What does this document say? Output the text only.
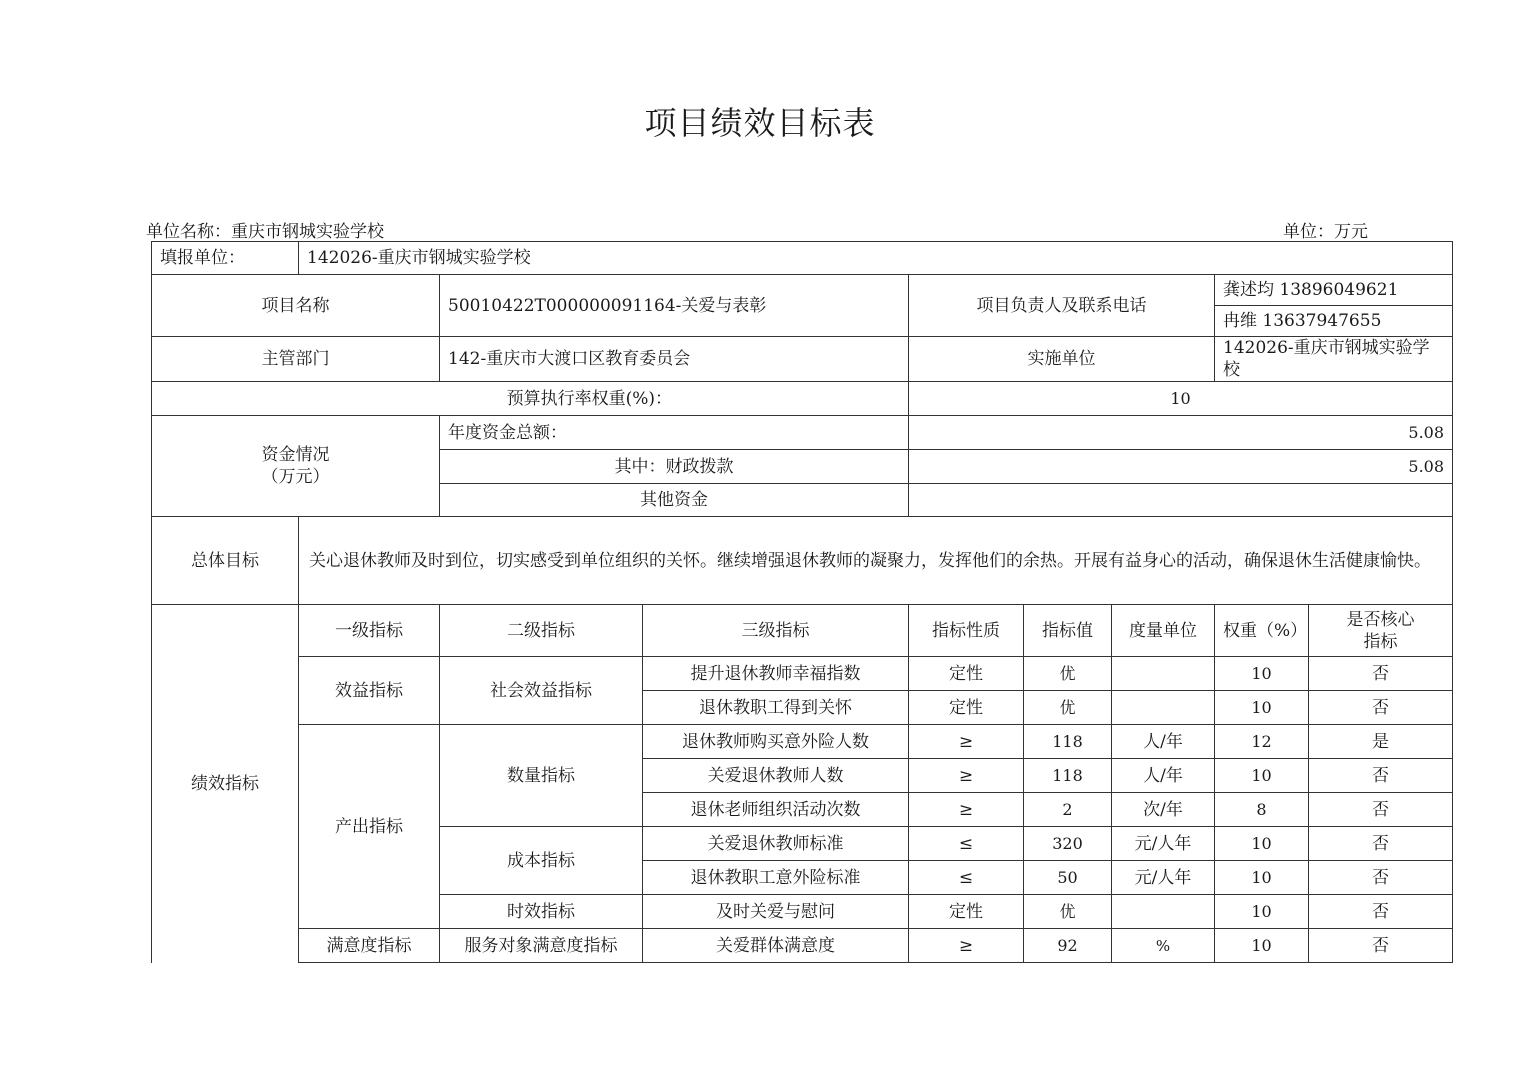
项目绩效目标表
单位名称：重庆市钢城实验学校	单位：万元
填报单位：	142026-重庆市钢城实验学校							
项目名称		50010422T000000091164-关爱与表彰		项目负责人及联系电话			龚述均 13896049621	
							冉维 13637947655	
主管部门		142-重庆市大渡口区教育委员会		实施单位			142026-重庆市钢城实验学校	
预算执行率权重(%)：				10				

资金情况
（万元）		年度资金总额：		5.08				
		其中：财政拨款		5.08				
		其他资金						
总体目标	关心退休教师及时到位，切实感受到单位组织的关怀。继续增强退休教师的凝聚力，发挥他们的余热。开展有益身心的活动，确保退休生活健康愉快。							
绩效指标	一级指标	二级指标	三级指标	指标性质	指标值	度量单位	权重（%）	是否核心
指标

	效益指标	社会效益指标	提升退休教师幸福指数	定性	优		10	否
			退休教职工得到关怀	定性	优		10	否
	产出指标	数量指标	退休教师购买意外险人数	≥	118	人/年	12	是
			关爱退休教师人数	≥	118	人/年	10	否
			退休老师组织活动次数	≥	2	次/年	8	否
		成本指标	关爱退休教师标准	≤	320	元/人年	10	否
			退休教职工意外险标准	≤	50	元/人年	10	否
		时效指标	及时关爱与慰问	定性	优		10	否
	满意度指标	服务对象满意度指标	关爱群体满意度	≥	92	%	10	否
